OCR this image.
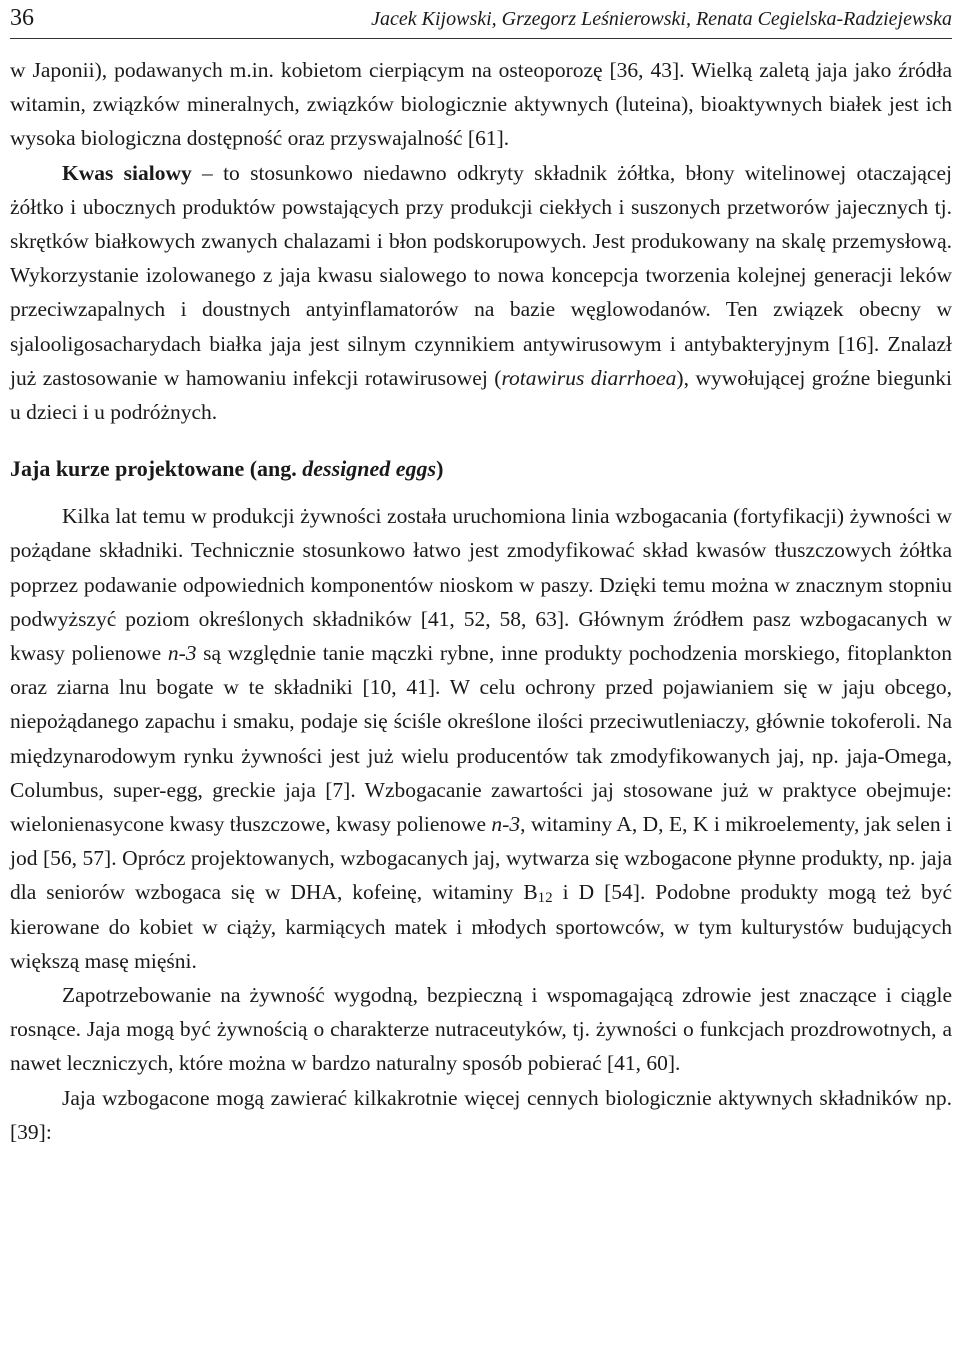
36	Jacek Kijowski, Grzegorz Leśnierowski, Renata Cegielska-Radziejewska

w Japonii), podawanych m.in. kobietom cierpiącym na osteoporozę [36, 43]. Wielką zaletą jaja jako źródła witamin, związków mineralnych, związków biologicznie aktywnych (luteina), bioaktywnych białek jest ich wysoka biologiczna dostępność oraz przyswajalność [61].

Kwas sialowy – to stosunkowo niedawno odkryty składnik żółtka, błony witelinowej otaczającej żółtko i ubocznych produktów powstających przy produkcji ciekłych i suszonych przetworów jajecznych tj. skrętków białkowych zwanych chalazami i błon podskorupowych. Jest produkowany na skalę przemysłową. Wykorzystanie izolowanego z jaja kwasu sialowego to nowa koncepcja tworzenia kolejnej generacji leków przeciwzapalnych i doustnych antyinflamatorów na bazie węglowodanów. Ten związek obecny w sjalooligosacharydach białka jaja jest silnym czynnikiem antywirusowym i antybakteryjnym [16]. Znalazł już zastosowanie w hamowaniu infekcji rotawirusowej (rotawirus diarrhoea), wywołującej groźne biegunki u dzieci i u podróżnych.

Jaja kurze projektowane (ang. dessigned eggs)

Kilka lat temu w produkcji żywności została uruchomiona linia wzbogacania (fortyfikacji) żywności w pożądane składniki. Technicznie stosunkowo łatwo jest zmodyfikować skład kwasów tłuszczowych żółtka poprzez podawanie odpowiednich komponentów nioskom w paszy. Dzięki temu można w znacznym stopniu podwyższyć poziom określonych składników [41, 52, 58, 63]. Głównym źródłem pasz wzbogacanych w kwasy polienowe n-3 są względnie tanie mączki rybne, inne produkty pochodzenia morskiego, fitoplankton oraz ziarna lnu bogate w te składniki [10, 41]. W celu ochrony przed pojawianiem się w jaju obcego, niepożądanego zapachu i smaku, podaje się ściśle określone ilości przeciwutleniaczy, głównie tokoferoli. Na międzynarodowym rynku żywności jest już wielu producentów tak zmodyfikowanych jaj, np. jaja-Omega, Columbus, super-egg, greckie jaja [7]. Wzbogacanie zawartości jaj stosowane już w praktyce obejmuje: wielonienasycone kwasy tłuszczowe, kwasy polienowe n-3, witaminy A, D, E, K i mikroelementy, jak selen i jod [56, 57]. Oprócz projektowanych, wzbogacanych jaj, wytwarza się wzbogacone płynne produkty, np. jaja dla seniorów wzbogaca się w DHA, kofeinę, witaminy $B_{12}$ i D [54]. Podobne produkty mogą też być kierowane do kobiet w ciąży, karmiących matek i młodych sportowców, w tym kulturystów budujących większą masę mięśni.

Zapotrzebowanie na żywność wygodną, bezpieczną i wspomagającą zdrowie jest znaczące i ciągle rosnące. Jaja mogą być żywnością o charakterze nutraceutyków, tj. żywności o funkcjach prozdrowotnych, a nawet leczniczych, które można w bardzo naturalny sposób pobierać [41, 60].

Jaja wzbogacone mogą zawierać kilkakrotnie więcej cennych biologicznie aktywnych składników np. [39]:
